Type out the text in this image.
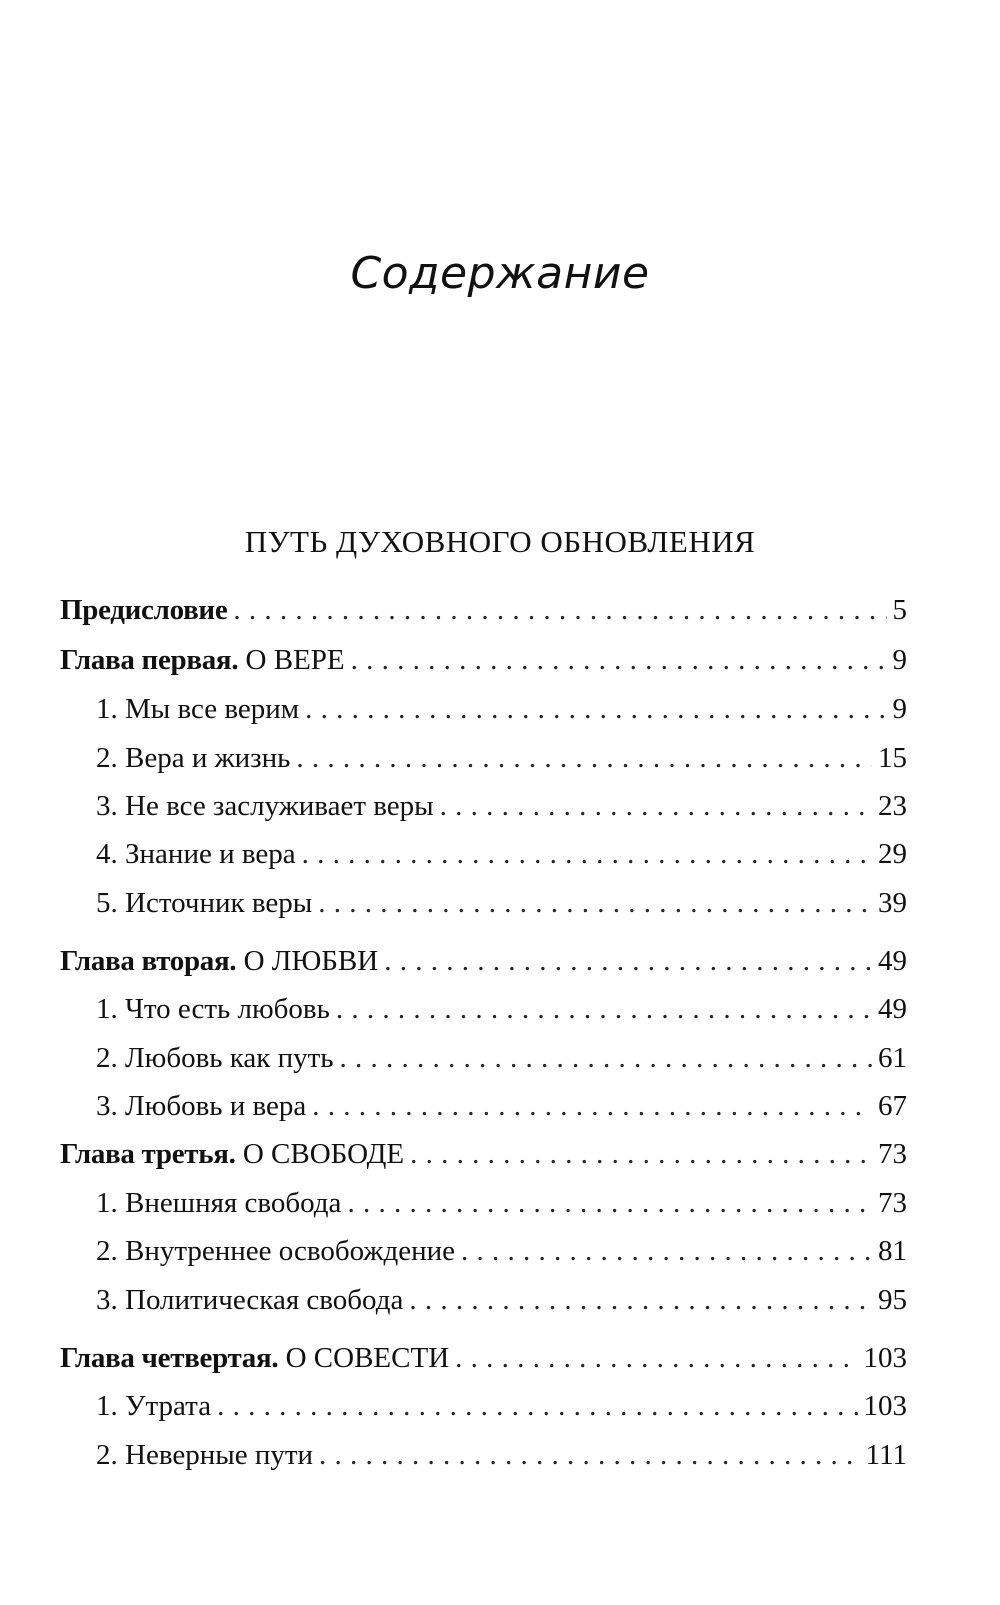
Содержание
ПУТЬ ДУХОВНОГО ОБНОВЛЕНИЯ
Предисловие . . .	5
Глава первая. О ВЕРЕ . . .	9
1. Мы все верим . . .	9
2. Вера и жизнь . . .	15
3. Не все заслуживает веры . . .	23
4. Знание и вера . . .	29
5. Источник веры . . .	39
Глава вторая. О ЛЮБВИ . . .	49
1. Что есть любовь . . .	49
2. Любовь как путь . . .	61
3. Любовь и вера . . .	67
Глава третья. О СВОБОДЕ . . .	73
1. Внешняя свобода . . .	73
2. Внутреннее освобождение . . .	81
3. Политическая свобода . . .	95
Глава четвертая. О СОВЕСТИ . . .	103
1. Утрата . . .	103
2. Неверные пути . . .	111
